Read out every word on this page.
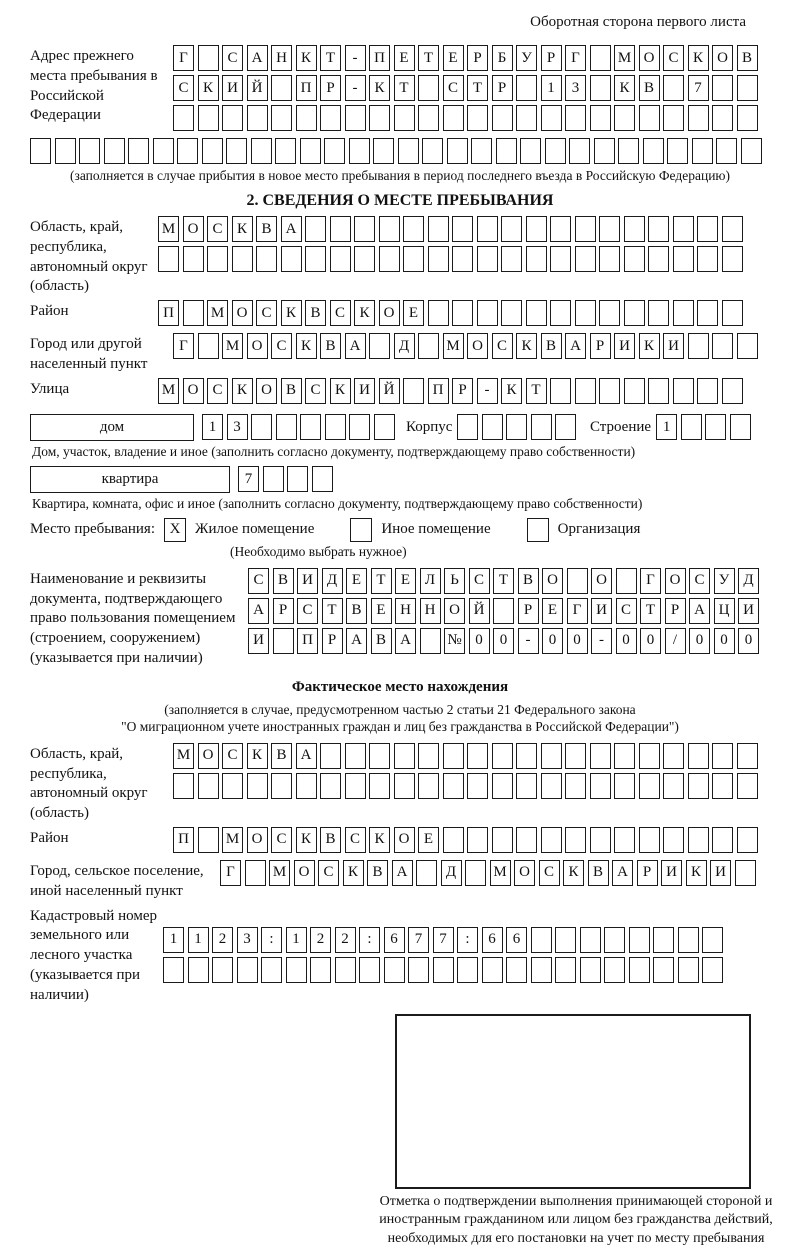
Оборотная сторона первого листа
Адрес прежнего места пребывания в Российской Федерации
Г	С А Н К Т	-	П Е	Т	Е	Р	Б У	Р	Г	М О С К О В
С К И Й	П Р	-	К Т	С Т	Р	1	3	К В	7
(заполняется в случае прибытия в новое место пребывания в период последнего въезда в Российскую Федерацию)
2. СВЕДЕНИЯ О МЕСТЕ ПРЕБЫВАНИЯ
Область, край, республика, автономный округ (область)
М О С К В А
Район	П	М О С К В С К О Е
Город или другой населенный пункт
Г	М О С К В А	Д	М О С К В А Р И К И
Улица	М О С К О В С К И Й	П Р	-	К Т
дом	1	3	Корпус	Строение 1
Дом, участок, владение и иное (заполнить согласно документу, подтверждающему право собственности)
квартира	7
Квартира, комната, офис и иное (заполнить согласно документу, подтверждающему право собственности)
Место пребывания: X Жилое помещение	Иное помещение	Организация
(Необходимо выбрать нужное)
Наименование и реквизиты документа, подтверждающего право пользования помещением (строением, сооружением) (указывается при наличии)
С В И Д Е	Т	Е Л	Ь	С Т В О	О	Г О С У Д
А Р	С Т В Е Н Н О Й	Р	Е	Г И С Т	Р А Ц И
И	П Р А В А	№ 0	0	-	0	0	-	0	0	/	0	0	0
Фактическое место нахождения
(заполняется в случае, предусмотренном частью 2 статьи 21 Федерального закона
"О миграционном учете иностранных граждан и лиц без гражданства в Российской Федерации")
Область, край, республика, автономный округ (область)
М О С К В А
Район	П	М О С К В С К О Е
Город, сельское поселение, иной населенный пункт
Г	М О С К В А	Д	М О С К В А Р И К И
Кадастровый номер земельного или лесного участка (указывается при наличии)
1	1	2	3	:	1	2	2	:	6	7	7	:	6	6
Отметка о подтверждении выполнения принимающей стороной и иностранным гражданином или лицом без гражданства действий, необходимых для его постановки на учет по месту пребывания
